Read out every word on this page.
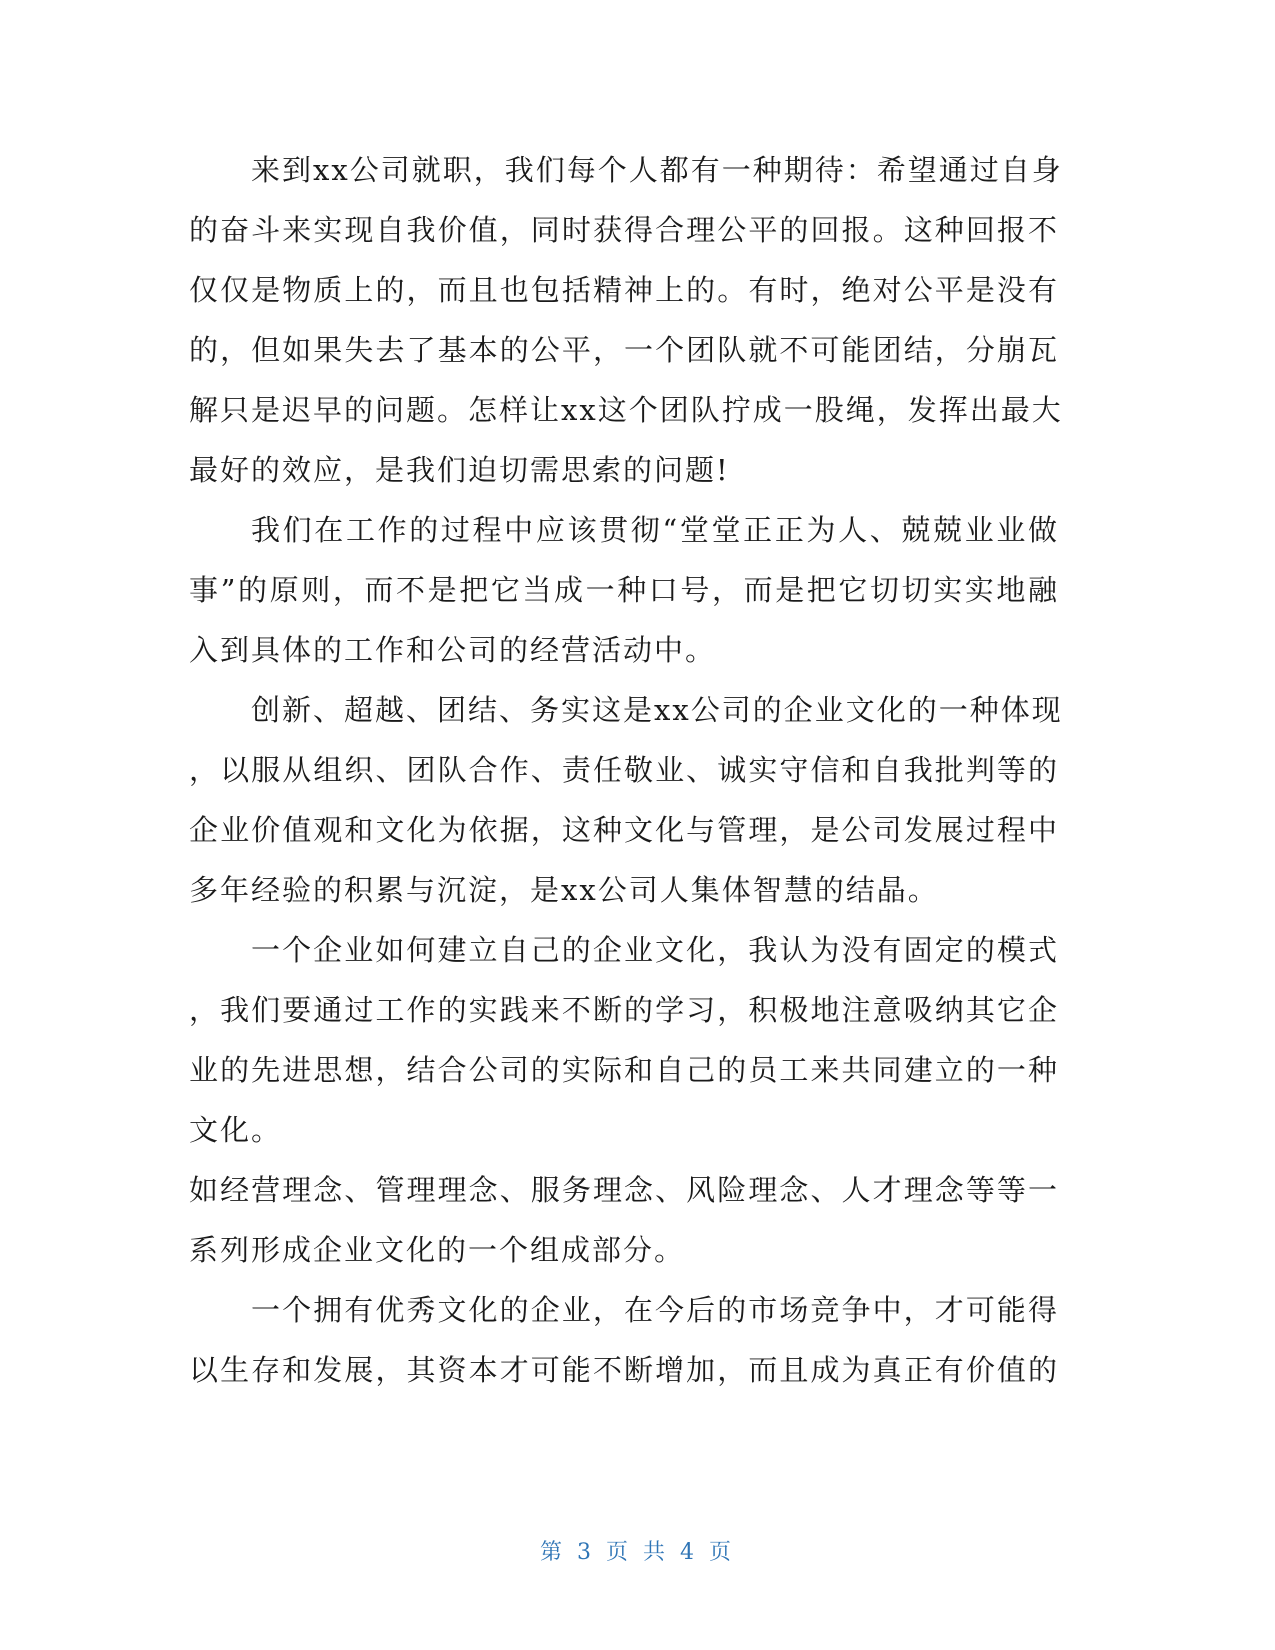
来到xx公司就职，我们每个人都有一种期待：希望通过自身
的奋斗来实现自我价值，同时获得合理公平的回报。这种回报不
仅仅是物质上的，而且也包括精神上的。有时，绝对公平是没有
的，但如果失去了基本的公平，一个团队就不可能团结，分崩瓦
解只是迟早的问题。怎样让xx这个团队拧成一股绳，发挥出最大
最好的效应，是我们迫切需思索的问题!
我们在工作的过程中应该贯彻“堂堂正正为人、兢兢业业做
事”的原则，而不是把它当成一种口号，而是把它切切实实地融
入到具体的工作和公司的经营活动中。
创新、超越、团结、务实这是xx公司的企业文化的一种体现
，以服从组织、团队合作、责任敬业、诚实守信和自我批判等的
企业价值观和文化为依据，这种文化与管理，是公司发展过程中
多年经验的积累与沉淀，是xx公司人集体智慧的结晶。
一个企业如何建立自己的企业文化，我认为没有固定的模式
，我们要通过工作的实践来不断的学习，积极地注意吸纳其它企
业的先进思想，结合公司的实际和自己的员工来共同建立的一种
文化。
如经营理念、管理理念、服务理念、风险理念、人才理念等等一
系列形成企业文化的一个组成部分。
一个拥有优秀文化的企业，在今后的市场竞争中，才可能得
以生存和发展，其资本才可能不断增加，而且成为真正有价值的
第 3 页 共 4 页
